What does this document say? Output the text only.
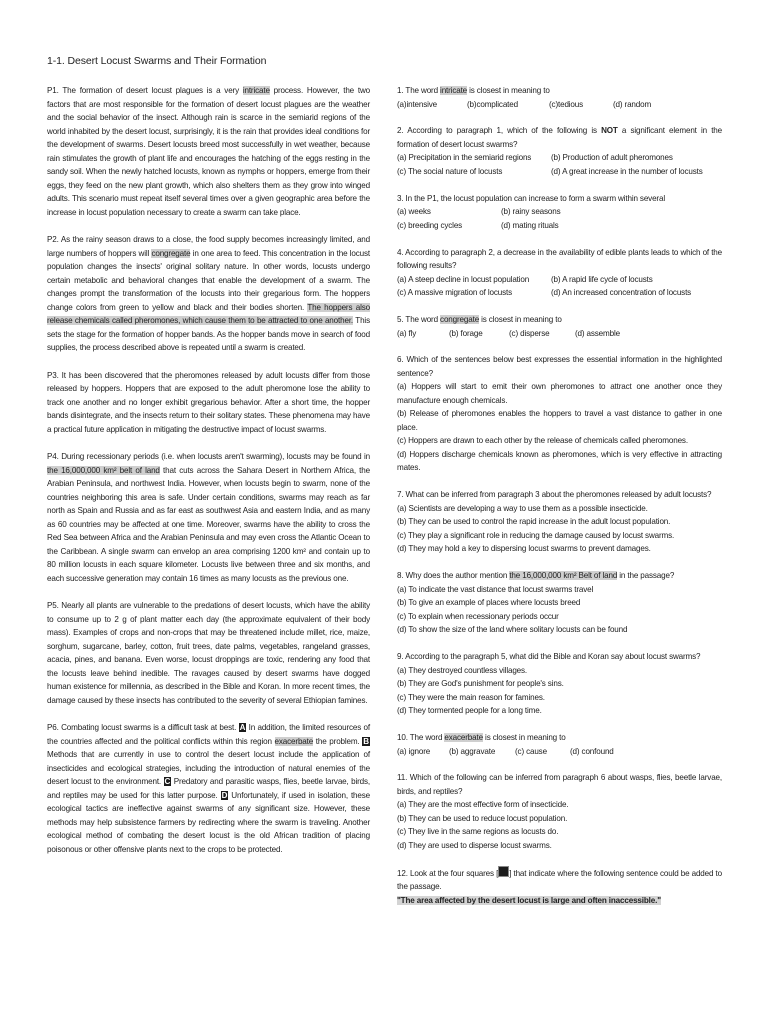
1-1. Desert Locust Swarms and Their Formation

P1. The formation of desert locust plagues is a very intricate process. However, the two factors that are most responsible for the formation of desert locust plagues are the weather and the social behavior of the insect. Although rain is scarce in the semiarid regions of the world inhabited by the desert locust, surprisingly, it is the rain that provides ideal conditions for the development of swarms. Desert locusts breed most successfully in wet weather, because rain stimulates the growth of plant life and encourages the hatching of the eggs resting in the sandy soil. When the newly hatched locusts, known as nymphs or hoppers, emerge from their eggs, they feed on the new plant growth, which also shelters them as they grow into winged adults. This scenario must repeat itself several times over a given geographic area before the increase in locust population necessary to create a swarm can take place.

P2. As the rainy season draws to a close, the food supply becomes increasingly limited, and large numbers of hoppers will congregate in one area to feed. This concentration in the locust population changes the insects' original solitary nature. In other words, locusts undergo certain metabolic and behavioral changes that enable the development of a swarm. The changes prompt the transformation of the locusts into their gregarious form. The hoppers change colors from green to yellow and black and their bodies shorten. The hoppers also release chemicals called pheromones, which cause them to be attracted to one another. This sets the stage for the formation of hopper bands. As the hopper bands move in search of food supplies, the process described above is repeated until a swarm is created.

P3. It has been discovered that the pheromones released by adult locusts differ from those released by hoppers. Hoppers that are exposed to the adult pheromone lose the ability to track one another and no longer exhibit gregarious behavior. After a short time, the hopper bands disintegrate, and the insects return to their solitary states. These phenomena may have a practical future application in mitigating the destructive impact of locust swarms.

P4. During recessionary periods (i.e. when locusts aren't swarming), locusts may be found in the 16,000,000 km² belt of land that cuts across the Sahara Desert in Northern Africa, the Arabian Peninsula, and northwest India. However, when locusts begin to swarm, none of the countries neighboring this area is safe. Under certain conditions, swarms may reach as far north as Spain and Russia and as far east as southwest Asia and eastern India, and as many as 60 countries may be affected at one time. Moreover, swarms have the ability to cross the Red Sea between Africa and the Arabian Peninsula and may even cross the Atlantic Ocean to the Caribbean. A single swarm can envelop an area comprising 1200 km² and contain up to 80 million locusts in each square kilometer. Locusts live between three and six months, and each successive generation may contain 16 times as many locusts as the previous one.

P5. Nearly all plants are vulnerable to the predations of desert locusts, which have the ability to consume up to 2 g of plant matter each day (the approximate equivalent of their body mass). Examples of crops and non-crops that may be threatened include millet, rice, maize, sorghum, sugarcane, barley, cotton, fruit trees, date palms, vegetables, rangeland grasses, acacia, pines, and banana. Even worse, locust droppings are toxic, rendering any food that the locusts leave behind inedible. The ravages caused by desert swarms have dogged human existence for millennia, as described in the Bible and Koran. In more recent times, the damage caused by these insects has contributed to the severity of several Ethiopian famines.

P6. Combating locust swarms is a difficult task at best. A In addition, the limited resources of the countries affected and the political conflicts within this region exacerbate the problem. B Methods that are currently in use to control the desert locust include the application of insecticides and ecological strategies, including the introduction of natural enemies of the desert locust to the environment. C Predatory and parasitic wasps, flies, beetle larvae, birds, and reptiles may be used for this latter purpose. D Unfortunately, if used in isolation, these ecological tactics are ineffective against swarms of any significant size. However, these methods may help subsistence farmers by redirecting where the swarm is traveling. Another ecological method of combating the desert locust is the old African tradition of placing poisonous or other offensive plants next to the crops to be protected.

1. The word intricate is closest in meaning to
(a)intensive	(b)complicated	(c)tedious	(d) random
2. According to paragraph 1, which of the following is NOT a significant element in the formation of desert locust swarms?
(a) Precipitation in the semiarid regions	(b) Production of adult pheromones
(c) The social nature of locusts	(d) A great increase in the number of locusts
3. In the P1, the locust population can increase to form a swarm within several
(a) weeks	(b) rainy seasons
(c) breeding cycles	(d) mating rituals
4. According to paragraph 2, a decrease in the availability of edible plants leads to which of the following results?
(a) A steep decline in locust population	(b) A rapid life cycle of locusts
(c) A massive migration of locusts	(d) An increased concentration of locusts
5. The word congregate is closest in meaning to
(a) fly	(b) forage	(c) disperse	(d) assemble
6. Which of the sentences below best expresses the essential information in the highlighted sentence?
(a) Hoppers will start to emit their own pheromones to attract one another once they manufacture enough chemicals.
(b) Release of pheromones enables the hoppers to travel a vast distance to gather in one place.
(c) Hoppers are drawn to each other by the release of chemicals called pheromones.
(d) Hoppers discharge chemicals known as pheromones, which is very effective in attracting mates.
7. What can be inferred from paragraph 3 about the pheromones released by adult locusts?
(a) Scientists are developing a way to use them as a possible insecticide.
(b) They can be used to control the rapid increase in the adult locust population.
(c) They play a significant role in reducing the damage caused by locust swarms.
(d) They may hold a key to dispersing locust swarms to prevent damages.
8. Why does the author mention the 16,000,000 km² Belt of land in the passage?
(a) To indicate the vast distance that locust swarms travel
(b) To give an example of places where locusts breed
(c) To explain when recessionary periods occur
(d) To show the size of the land where solitary locusts can be found
9. According to the paragraph 5, what did the Bible and Koran say about locust swarms?
(a) They destroyed countless villages.
(b) They are God's punishment for people's sins.
(c) They were the main reason for famines.
(d) They tormented people for a long time.
10. The word exacerbate is closest in meaning to
(a) ignore	(b) aggravate	(c) cause	(d) confound
11. Which of the following can be inferred from paragraph 6 about wasps, flies, beetle larvae, birds, and reptiles?
(a) They are the most effective form of insecticide.
(b) They can be used to reduce locust population.
(c) They live in the same regions as locusts do.
(d) They are used to disperse locust swarms.
12. Look at the four squares [ ] that indicate where the following sentence could be added to the passage.
"The area affected by the desert locust is large and often inaccessible."
